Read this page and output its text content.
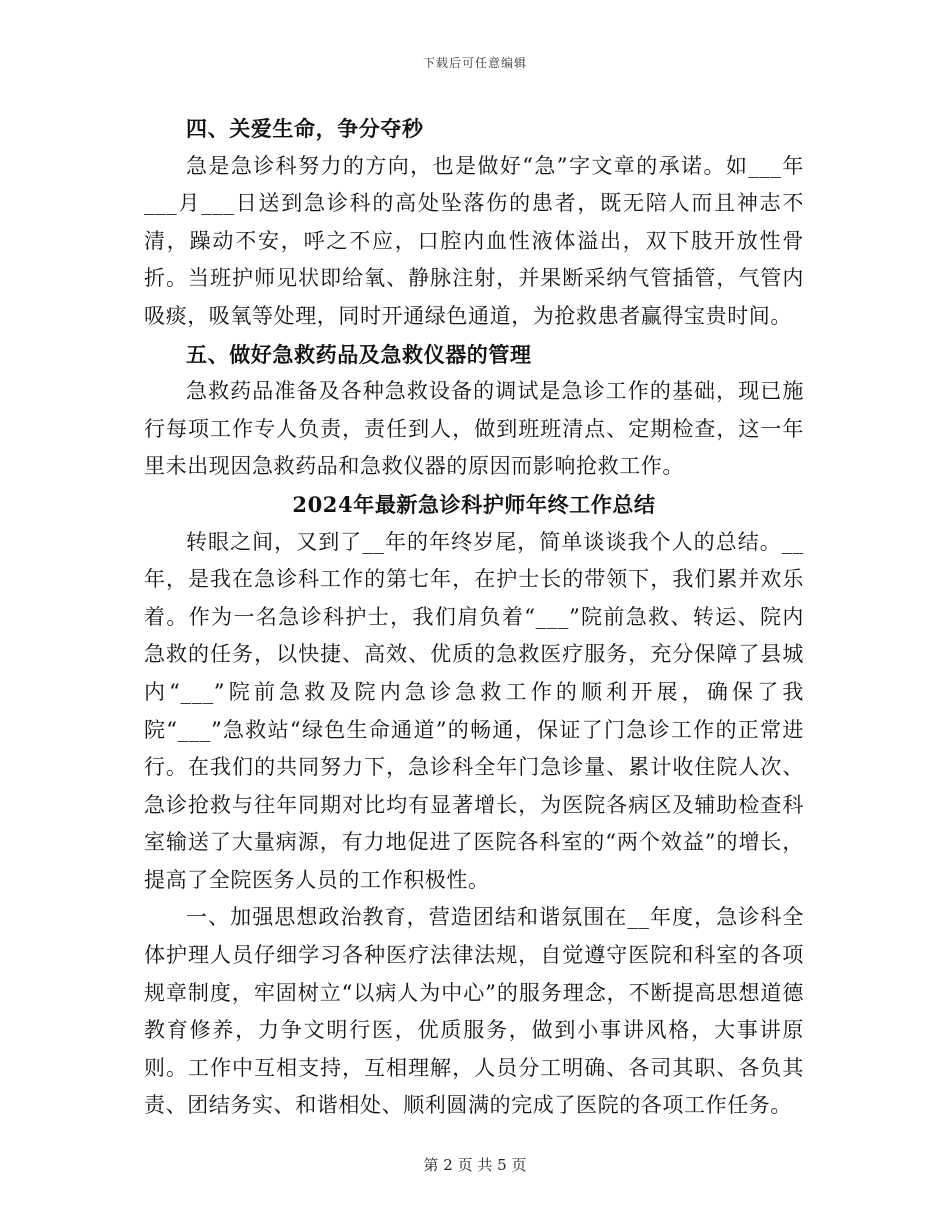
下载后可任意编辑
四、关爱生命，争分夺秒

急是急诊科努力的方向，也是做好“急”字文章的承诺。如___年___月___日送到急诊科的高处坠落伤的患者，既无陪人而且神志不清，躁动不安，呼之不应，口腔内血性液体溢出，双下肢开放性骨折。当班护师见状即给氧、静脉注射，并果断采纳气管插管，气管内吸痰，吸氧等处理，同时开通绿色通道，为抢救患者赢得宝贵时间。

五、做好急救药品及急救仪器的管理

急救药品准备及各种急救设备的调试是急诊工作的基础，现已施行每项工作专人负责，责任到人，做到班班清点、定期检查，这一年里未出现因急救药品和急救仪器的原因而影响抢救工作。

2024年最新急诊科护师年终工作总结

转眼之间，又到了__年的年终岁尾，简单谈谈我个人的总结。__年，是我在急诊科工作的第七年，在护士长的带领下，我们累并欢乐着。作为一名急诊科护士，我们肩负着“___”院前急救、转运、院内急救的任务，以快捷、高效、优质的急救医疗服务，充分保障了县城内“___”院前急救及院内急诊急救工作的顺利开展，确保了我院“___”急救站“绿色生命通道”的畅通，保证了门急诊工作的正常进行。在我们的共同努力下，急诊科全年门急诊量、累计收住院人次、急诊抢救与往年同期对比均有显著增长，为医院各病区及辅助检查科室输送了大量病源，有力地促进了医院各科室的“两个效益”的增长，提高了全院医务人员的工作积极性。

一、加强思想政治教育，营造团结和谐氛围在__年度，急诊科全体护理人员仔细学习各种医疗法律法规，自觉遵守医院和科室的各项规章制度，牢固树立“以病人为中心”的服务理念，不断提高思想道德教育修养，力争文明行医，优质服务，做到小事讲风格，大事讲原则。工作中互相支持，互相理解，人员分工明确、各司其职、各负其责、团结务实、和谐相处、顺利圆满的完成了医院的各项工作任务。

第 2 页 共 5 页
